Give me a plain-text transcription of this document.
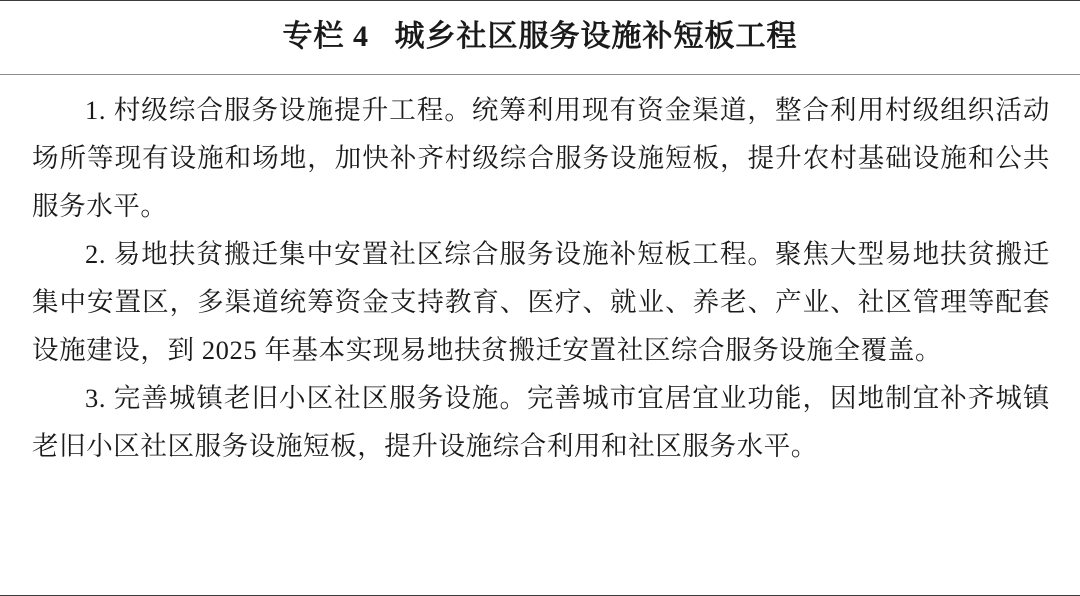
专栏 4   城乡社区服务设施补短板工程

1. 村级综合服务设施提升工程。统筹利用现有资金渠道，整合利用村级组织活动场所等现有设施和场地，加快补齐村级综合服务设施短板，提升农村基础设施和公共服务水平。

2. 易地扶贫搬迁集中安置社区综合服务设施补短板工程。聚焦大型易地扶贫搬迁集中安置区，多渠道统筹资金支持教育、医疗、就业、养老、产业、社区管理等配套设施建设，到 2025 年基本实现易地扶贫搬迁安置社区综合服务设施全覆盖。

3. 完善城镇老旧小区社区服务设施。完善城市宜居宜业功能，因地制宜补齐城镇老旧小区社区服务设施短板，提升设施综合利用和社区服务水平。
